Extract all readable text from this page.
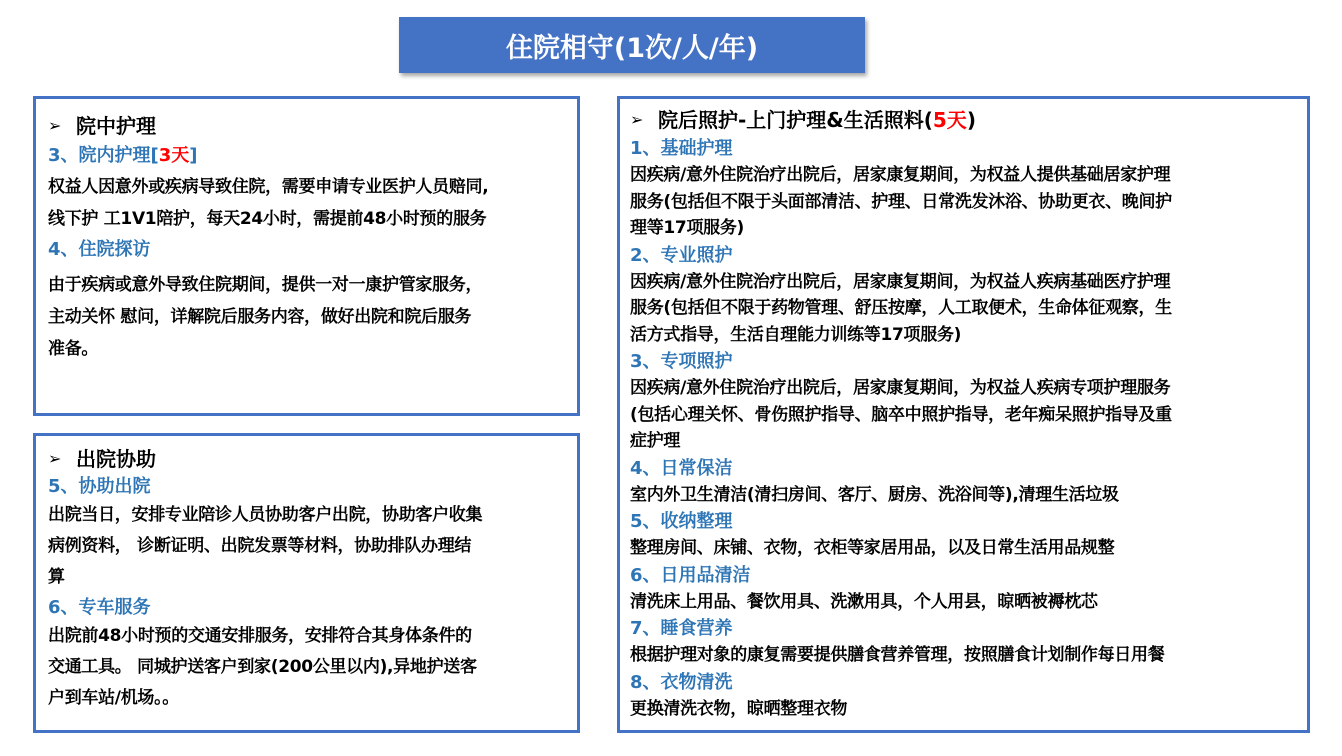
住院相守(1次/人/年)
➢ 院中护理
3、院内护理[3天]
权益人因意外或疾病导致住院，需要申请专业医护人员赔同,
线下护 工1V1陪护，每天24小时，需提前48小时预的服务
4、住院探访
由于疾病或意外导致住院期间，提供一对一康护管家服务，
主动关怀 慰问，详解院后服务内容，做好出院和院后服务
准备。
➢ 出院协助
5、协助出院
出院当日，安排专业陪诊人员协助客户出院，协助客户收集
病例资料， 诊断证明、出院发票等材料，协助排队办理结
算
6、专车服务
出院前48小时预的交通安排服务，安排符合其身体条件的
交通工具。 同城护送客户到家(200公里以内),异地护送客
户到车站/机场。。
➢ 院后照护-上门护理&生活照料(5天)
1、基础护理
因疾病/意外住院治疗出院后，居家康复期间，为权益人提供基础居家护理
服务(包括但不限于头面部清洁、护理、日常洗发沐浴、协助更衣、晚间护
理等17项服务)
2、专业照护
因疾病/意外住院治疗出院后，居家康复期间，为权益人疾病基础医疗护理
服务(包括但不限于药物管理、舒压按摩，人工取便术，生命体征观察，生
活方式指导，生活自理能力训练等17项服务)
3、专项照护
因疾病/意外住院治疗出院后，居家康复期间，为权益人疾病专项护理服务
(包括心理关怀、骨伤照护指导、脑卒中照护指导，老年痴呆照护指导及重
症护理
4、日常保洁
室内外卫生清洁(清扫房间、客厅、厨房、洗浴间等),清理生活垃圾
5、收纳整理
整理房间、床铺、衣物，衣柜等家居用品，以及日常生活用品规整
6、日用品清洁
清洗床上用品、餐饮用具、洗漱用具，个人用县，晾晒被褥枕芯
7、睡食营养
根据护理对象的康复需要提供膳食营养管理，按照膳食计划制作每日用餐
8、衣物清洗
更换清洗衣物，晾晒整理衣物
